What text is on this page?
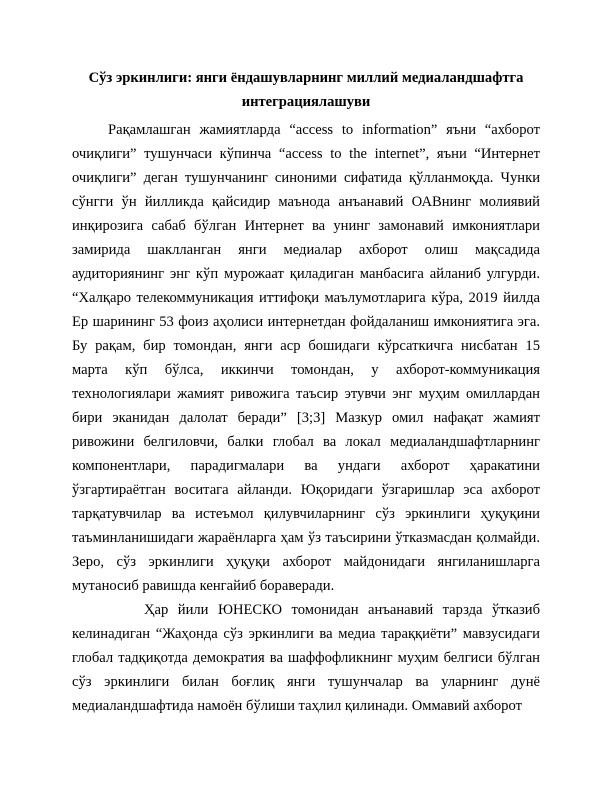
Сўз эркинлиги: янги ёндашувларнинг миллий медиаландшафтга интеграциялашуви

Рақамлашган жамиятларда “access to information” яъни “ахборот очиқлиги” тушунчаси кўпинча “access to the internet”, яъни “Интернет очиқлиги” деган тушунчанинг синоними сифатида қўлланмоқда. Чунки сўнгги ўн йилликда қайсидир маънода анъанавий ОАВнинг молиявий инқирозига сабаб бўлган Интернет ва унинг замонавий имкониятлари замирида шаклланган янги медиалар ахборот олиш мақсадида аудиториянинг энг кўп мурожаат қиладиган манбасига айланиб улгурди. “Халқаро телекоммуникация иттифоқи маълумотларига кўра, 2019 йилда Ер шарининг 53 фоиз аҳолиси интернетдан фойдаланиш имкониятига эга. Бу рақам, бир томондан, янги аср бошидаги кўрсаткичга нисбатан 15 марта кўп бўлса, иккинчи томондан, у ахборот-коммуникация технологиялари жамият ривожига таъсир этувчи энг муҳим омиллардан бири эканидан далолат беради” [3;3] Мазкур омил нафақат жамият ривожини белгиловчи, балки глобал ва локал медиаландшафтларнинг компонентлари, парадигмалари ва ундаги ахборот ҳаракатини ўзгартираётган воситага айланди. Юқоридаги ўзгаришлар эса ахборот тарқатувчилар ва истеъмол қилувчиларнинг сўз эркинлиги ҳуқуқини таъминланишидаги жараёнларга ҳам ўз таъсирини ўтказмасдан қолмайди. Зеро, сўз эркинлиги ҳуқуқи ахборот майдонидаги янгиланишларга мутаносиб равишда кенгайиб бораверади.

Ҳар йили ЮНЕСКО томонидан анъанавий тарзда ўтказиб келинадиган “Жаҳонда сўз эркинлиги ва медиа тараққиёти” мавзусидаги глобал тадқиқотда демократия ва шаффофликнинг муҳим белгиси бўлган сўз эркинлиги билан боғлиқ янги тушунчалар ва уларнинг дунё медиаландшафтида намоён бўлиши таҳлил қилинади. Оммавий ахборот
